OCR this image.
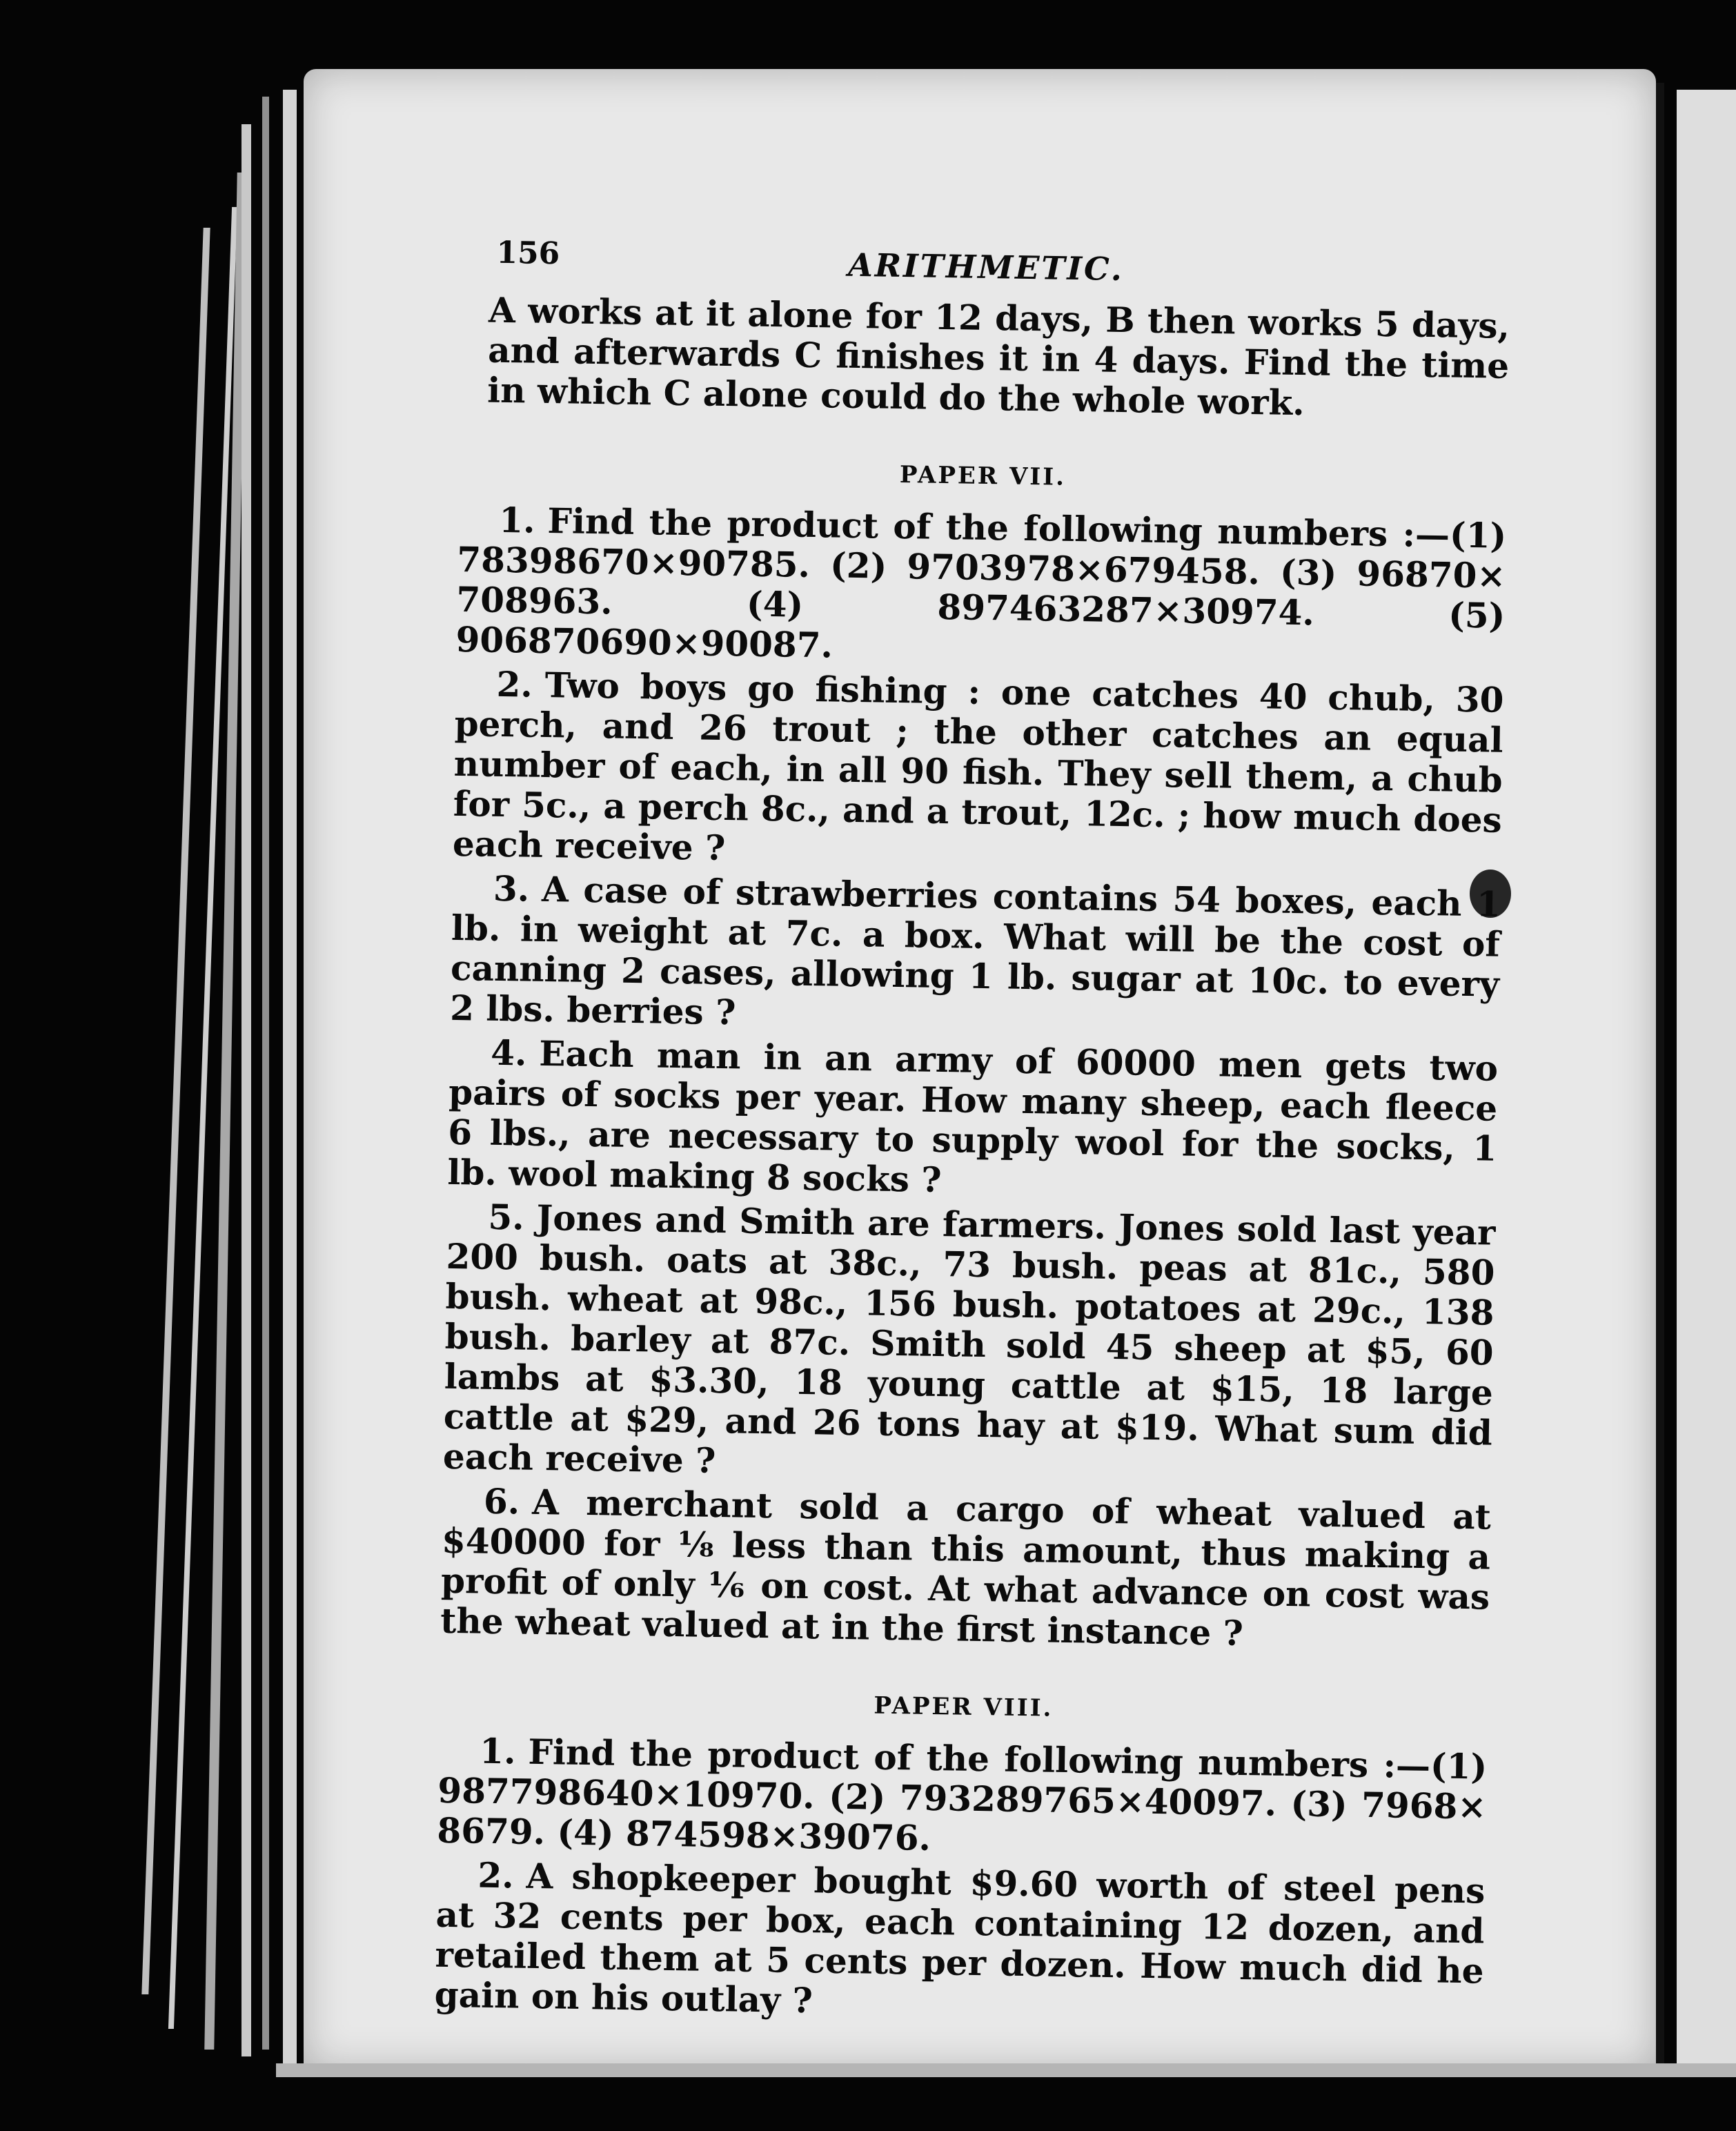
156	ARITHMETIC.

A works at it alone for 12 days, B then works 5 days, and afterwards C finishes it in 4 days. Find the time in which C alone could do the whole work.

PAPER VII.

1. Find the product of the following numbers :—(1) 78398670×90785. (2) 9703978×679458. (3) 96870× 708963. (4) 897463287×30974. (5) 906870690×90087.

2. Two boys go fishing : one catches 40 chub, 30 perch, and 26 trout ; the other catches an equal number of each, in all 90 fish. They sell them, a chub for 5c., a perch 8c., and a trout, 12c. ; how much does each receive ?

3. A case of strawberries contains 54 boxes, each 1 lb. in weight at 7c. a box. What will be the cost of canning 2 cases, allowing 1 lb. sugar at 10c. to every 2 lbs. berries ?

4. Each man in an army of 60000 men gets two pairs of socks per year. How many sheep, each fleece 6 lbs., are necessary to supply wool for the socks, 1 lb. wool making 8 socks ?

5. Jones and Smith are farmers. Jones sold last year 200 bush. oats at 38c., 73 bush. peas at 81c., 580 bush. wheat at 98c., 156 bush. potatoes at 29c., 138 bush. barley at 87c. Smith sold 45 sheep at $5, 60 lambs at $3.30, 18 young cattle at $15, 18 large cattle at $29, and 26 tons hay at $19. What sum did each receive ?

6. A merchant sold a cargo of wheat valued at $40000 for ⅛ less than this amount, thus making a profit of only ⅙ on cost. At what advance on cost was the wheat valued at in the first instance ?

PAPER VIII.

1. Find the product of the following numbers :—(1) 987798640×10970. (2) 793289765×40097. (3) 7968× 8679. (4) 874598×39076.

2. A shopkeeper bought $9.60 worth of steel pens at 32 cents per box, each containing 12 dozen, and retailed them at 5 cents per dozen. How much did he gain on his outlay ?
